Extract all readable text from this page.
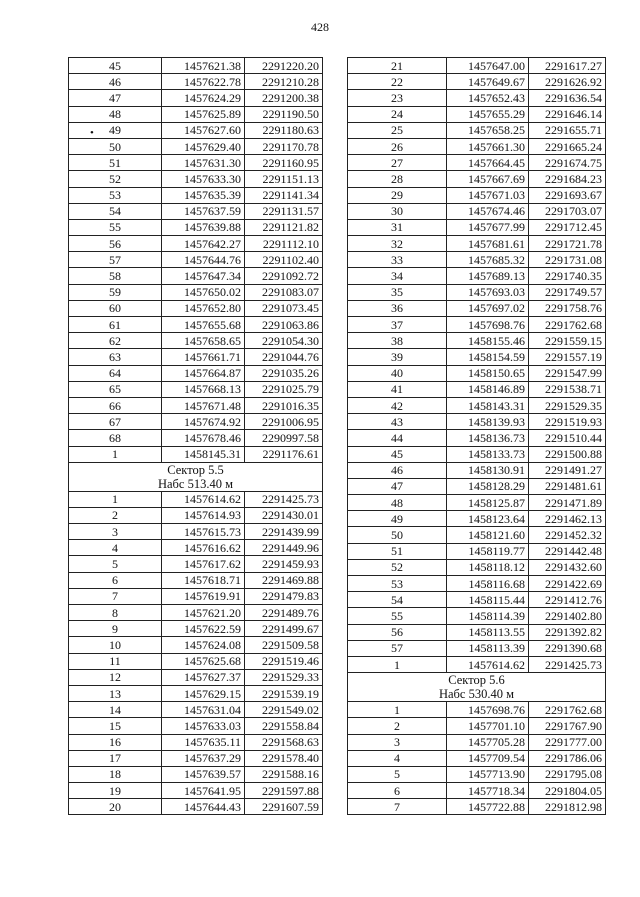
428
•
45	1457621.38	2291220.20
46	1457622.78	2291210.28
47	1457624.29	2291200.38
48	1457625.89	2291190.50
49	1457627.60	2291180.63
50	1457629.40	2291170.78
51	1457631.30	2291160.95
52	1457633.30	2291151.13
53	1457635.39	2291141.34
54	1457637.59	2291131.57
55	1457639.88	2291121.82
56	1457642.27	2291112.10
57	1457644.76	2291102.40
58	1457647.34	2291092.72
59	1457650.02	2291083.07
60	1457652.80	2291073.45
61	1457655.68	2291063.86
62	1457658.65	2291054.30
63	1457661.71	2291044.76
64	1457664.87	2291035.26
65	1457668.13	2291025.79
66	1457671.48	2291016.35
67	1457674.92	2291006.95
68	1457678.46	2290997.58
1	1458145.31	2291176.61

Сектор 5.5
Набс 513.40 м		

1	1457614.62	2291425.73
2	1457614.93	2291430.01
3	1457615.73	2291439.99
4	1457616.62	2291449.96
5	1457617.62	2291459.93
6	1457618.71	2291469.88
7	1457619.91	2291479.83
8	1457621.20	2291489.76
9	1457622.59	2291499.67
10	1457624.08	2291509.58
11	1457625.68	2291519.46
12	1457627.37	2291529.33
13	1457629.15	2291539.19
14	1457631.04	2291549.02
15	1457633.03	2291558.84
16	1457635.11	2291568.63
17	1457637.29	2291578.40
18	1457639.57	2291588.16
19	1457641.95	2291597.88
20	1457644.43	2291607.59
21	1457647.00	2291617.27
22	1457649.67	2291626.92
23	1457652.43	2291636.54
24	1457655.29	2291646.14
25	1457658.25	2291655.71
26	1457661.30	2291665.24
27	1457664.45	2291674.75
28	1457667.69	2291684.23
29	1457671.03	2291693.67
30	1457674.46	2291703.07
31	1457677.99	2291712.45
32	1457681.61	2291721.78
33	1457685.32	2291731.08
34	1457689.13	2291740.35
35	1457693.03	2291749.57
36	1457697.02	2291758.76
37	1457698.76	2291762.68
38	1458155.46	2291559.15
39	1458154.59	2291557.19
40	1458150.65	2291547.99
41	1458146.89	2291538.71
42	1458143.31	2291529.35
43	1458139.93	2291519.93
44	1458136.73	2291510.44
45	1458133.73	2291500.88
46	1458130.91	2291491.27
47	1458128.29	2291481.61
48	1458125.87	2291471.89
49	1458123.64	2291462.13
50	1458121.60	2291452.32
51	1458119.77	2291442.48
52	1458118.12	2291432.60
53	1458116.68	2291422.69
54	1458115.44	2291412.76
55	1458114.39	2291402.80
56	1458113.55	2291392.82
57	1458113.39	2291390.68
1	1457614.62	2291425.73

Сектор 5.6
Набс 530.40 м		

1	1457698.76	2291762.68
2	1457701.10	2291767.90
3	1457705.28	2291777.00
4	1457709.54	2291786.06
5	1457713.90	2291795.08
6	1457718.34	2291804.05
7	1457722.88	2291812.98
